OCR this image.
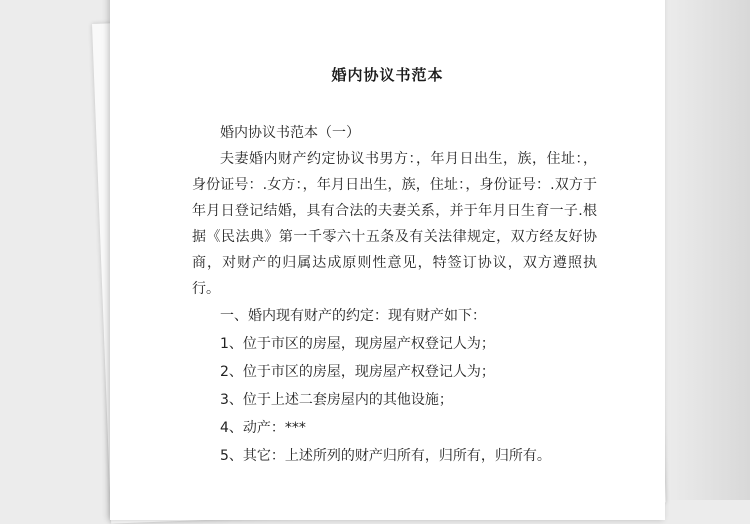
婚内协议书范本

婚内协议书范本（一）

夫妻婚内财产约定协议书男方：，年月日出生，族，住址：，身份证号：.女方：，年月日出生，族，住址：，身份证号：.双方于年月日登记结婚，具有合法的夫妻关系，并于年月日生育一子.根据《民法典》第一千零六十五条及有关法律规定，双方经友好协商，对财产的归属达成原则性意见，特签订协议，双方遵照执行。

一、婚内现有财产的约定：现有财产如下：
1、位于市区的房屋，现房屋产权登记人为；
2、位于市区的房屋，现房屋产权登记人为；
3、位于上述二套房屋内的其他设施；
4、动产：***
5、其它：上述所列的财产归所有，归所有，归所有。
